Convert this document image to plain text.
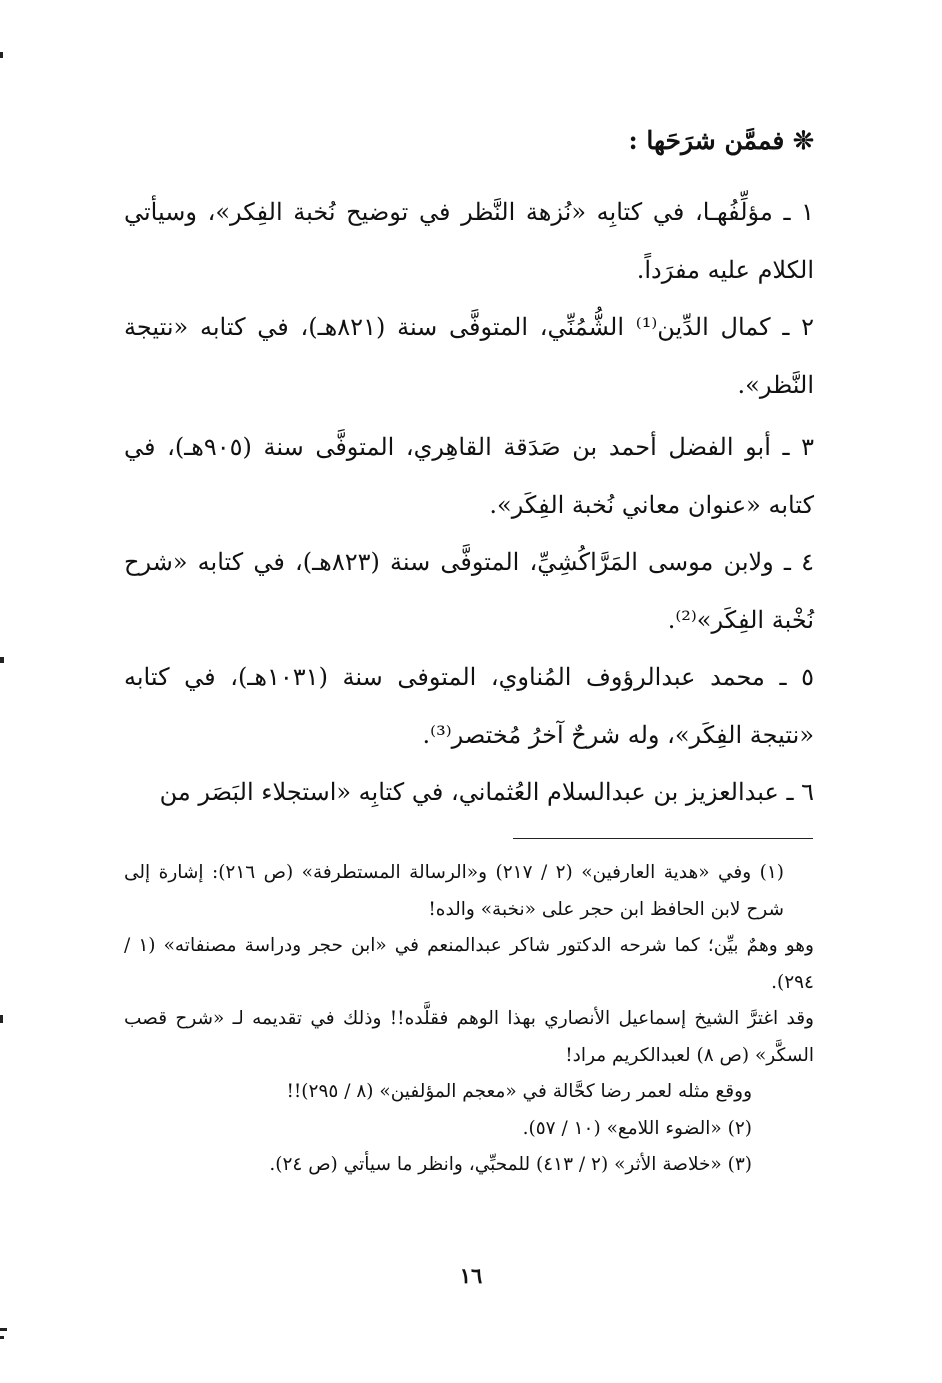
❊ فممَّن شرَحَها :
١ ـ مؤلِّفُهـا، في كتابِه «نُزهة النَّظر في توضيح نُخبة الفِكر»، وسيأتي الكلام عليه مفرَداً.
٢ ـ كمال الدِّين⁽¹⁾ الشُّمُنِّي، المتوفَّى سنة (٨٢١هـ)، في كتابه «نتيجة النَّظر».
٣ ـ أبو الفضل أحمد بن صَدَقة القاهِري، المتوفَّى سنة (٩٠٥هـ)، في كتابه «عنوان معاني نُخبة الفِكَر».
٤ ـ ولابن موسى المَرَّاكُشِيِّ، المتوفَّى سنة (٨٢٣هـ)، في كتابه «شرح نُخْبة الفِكَر»⁽²⁾.
٥ ـ محمد عبدالرؤوف المُناوي، المتوفى سنة (١٠٣١هـ)، في كتابه «نتيجة الفِكَر»، وله شرحٌ آخرُ مُختصر⁽³⁾.
٦ ـ عبدالعزيز بن عبدالسلام العُثماني، في كتابِه «استجلاء البَصَر من

(١) وفي «هدية العارفين» (٢ / ٢١٧) و«الرسالة المستطرفة» (ص ٢١٦): إشارة إلى شرح لابن الحافظ ابن حجر على «نخبة» والده!

وهو وهمٌ بيِّن؛ كما شرحه الدكتور شاكر عبدالمنعم في «ابن حجر ودراسة مصنفاته» (١ / ٢٩٤).

وقد اغترَّ الشيخ إسماعيل الأنصاري بهذا الوهم فقلَّده!! وذلك في تقديمه لـ «شرح قصب السكَّر» (ص ٨) لعبدالكريم مراد!

ووقع مثله لعمر رضا كحَّالة في «معجم المؤلفين» (٨ / ٢٩٥)!!

(٢) «الضوء اللامع» (١٠ / ٥٧).

(٣) «خلاصة الأثر» (٢ / ٤١٣) للمحبِّي، وانظر ما سيأتي (ص ٢٤).

١٦
